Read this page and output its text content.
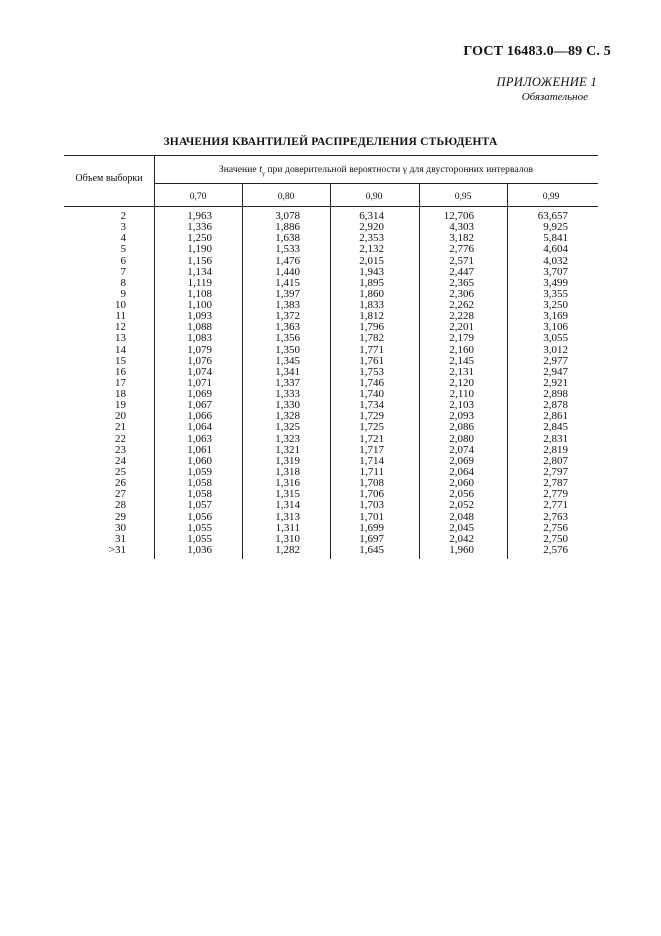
ГОСТ 16483.0—89 С. 5
ПРИЛОЖЕНИЕ 1
Обязательное
ЗНАЧЕНИЯ КВАНТИЛЕЙ РАСПРЕДЕЛЕНИЯ СТЬЮДЕНТА
Объем выборки
Значение $t_\gamma$ при доверительной вероятности γ для двусторонних интервалов
0,70	0,80	0,90	0,95	0,99
2	1,963	3,078	6,314	12,706	63,657
3	1,336	1,886	2,920	4,303	9,925
4	1,250	1,638	2,353	3,182	5,841
5	1,190	1,533	2,132	2,776	4,604
6	1,156	1,476	2,015	2,571	4,032
7	1,134	1,440	1,943	2,447	3,707
8	1,119	1,415	1,895	2,365	3,499
9	1,108	1,397	1,860	2,306	3,355
10	1,100	1,383	1,833	2,262	3,250
11	1,093	1,372	1,812	2,228	3,169
12	1,088	1,363	1,796	2,201	3,106
13	1,083	1,356	1,782	2,179	3,055
14	1,079	1,350	1,771	2,160	3,012
15	1,076	1,345	1,761	2,145	2,977
16	1,074	1,341	1,753	2,131	2,947
17	1,071	1,337	1,746	2,120	2,921
18	1,069	1,333	1,740	2,110	2,898
19	1,067	1,330	1,734	2,103	2,878
20	1,066	1,328	1,729	2,093	2,861
21	1,064	1,325	1,725	2,086	2,845
22	1,063	1,323	1,721	2,080	2,831
23	1,061	1,321	1,717	2,074	2,819
24	1,060	1,319	1,714	2,069	2,807
25	1,059	1,318	1,711	2,064	2,797
26	1,058	1,316	1,708	2,060	2,787
27	1,058	1,315	1,706	2,056	2,779
28	1,057	1,314	1,703	2,052	2,771
29	1,056	1,313	1,701	2,048	2,763
30	1,055	1,311	1,699	2,045	2,756
31	1,055	1,310	1,697	2,042	2,750
>31	1,036	1,282	1,645	1,960	2,576
